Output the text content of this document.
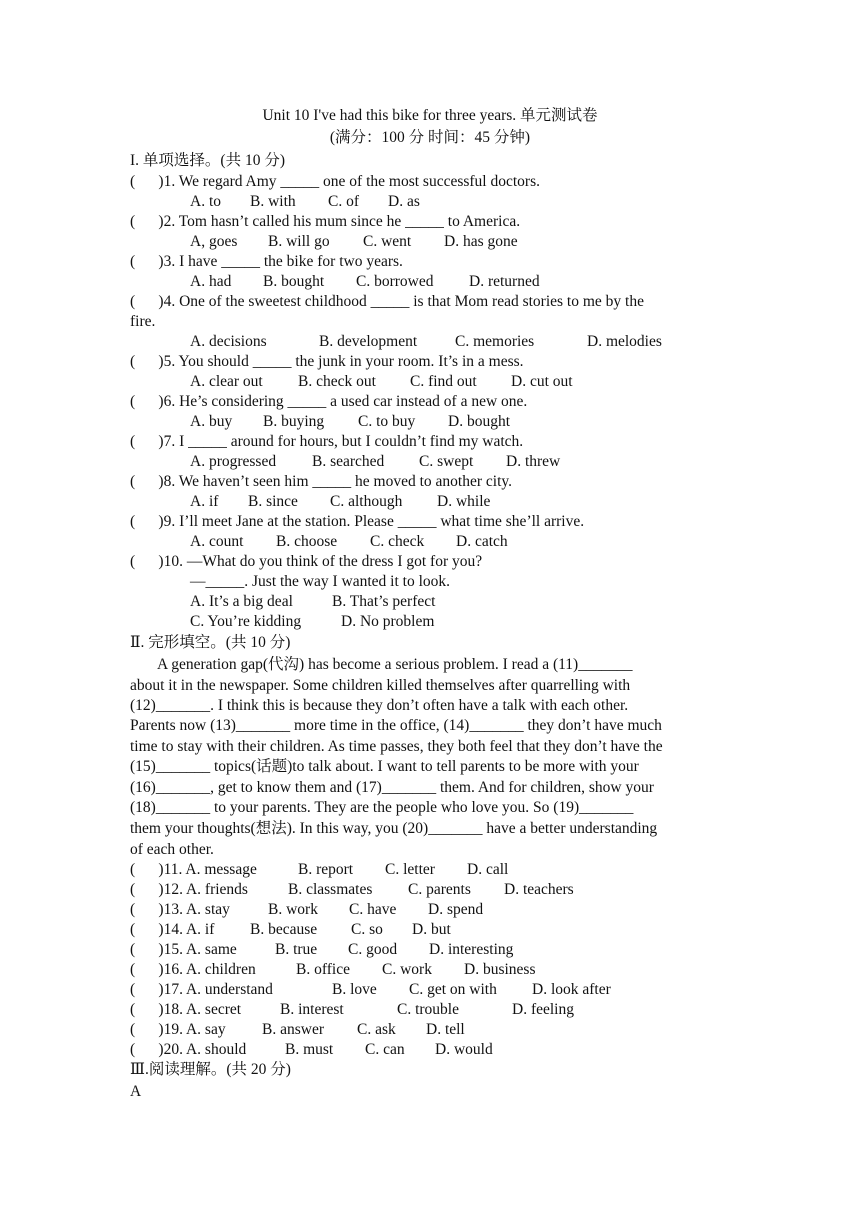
Unit 10 I've had this bike for three years. 单元测试卷
(满分：100 分 时间：45 分钟)
I. 单项选择。(共 10 分)
(      )1. We regard Amy _____ one of the most successful doctors.
A. to B. with C. of D. as
(      )2. Tom hasn’t called his mum since he _____ to America.
A, goes B. will go C. went D. has gone
(      )3. I have _____ the bike for two years.
A. had B. bought C. borrowed D. returned
(      )4. One of the sweetest childhood _____ is that Mom read stories to me by the
fire.
A. decisions	B. development C. memories	D. melodies
(      )5. You should _____ the junk in your room. It’s in a mess.
A. clear out B. check out C. find out D. cut out
(      )6. He’s considering _____ a used car instead of a new one.
A. buy B. buying C. to buy D. bought
(      )7. I _____ around for hours, but I couldn’t find my watch.
A. progressed B. searched C. swept D. threw
(      )8. We haven’t seen him _____ he moved to another city.
A. if B. since C. although D. while
(      )9. I’ll meet Jane at the station. Please _____ what time she’ll arrive.
A. count B. choose C. check D. catch
(      )10. —What do you think of the dress I got for you?
—_____. Just the way I wanted it to look.
A. It’s a big deal	B. That’s perfect
C. You’re kidding	D. No problem
Ⅱ. 完形填空。(共 10 分)
A generation gap(代沟) has become a serious problem. I read a (11)_______
about it in the newspaper. Some children killed themselves after quarrelling with
(12)_______. I think this is because they don’t often have a talk with each other.
Parents now (13)_______ more time in the office, (14)_______ they don’t have much
time to stay with their children. As time passes, they both feel that they don’t have the
(15)_______ topics(话题)to talk about. I want to tell parents to be more with your
(16)_______, get to know them and (17)_______ them. And for children, show your
(18)_______ to your parents. They are the people who love you. So (19)_______
them your thoughts(想法). In this way, you (20)_______ have a better understanding
of each other.
(      )11. A. message	B. report C. letter D. call
(      )12. A. friends	B. classmates C. parents D. teachers
(      )13. A. stay B. work C. have D. spend
(      )14. A. if B. because C. so D. but
(      )15. A. same B. true C. good D. interesting
(      )16. A. children	B. office C. work D. business
(      )17. A. understand	B. love C. get on with D. look after
(      )18. A. secret	B. interest	C. trouble	D. feeling
(      )19. A. say B. answer C. ask D. tell
(      )20. A. should	B. must C. can D. would
Ⅲ.阅读理解。(共 20 分)
A
